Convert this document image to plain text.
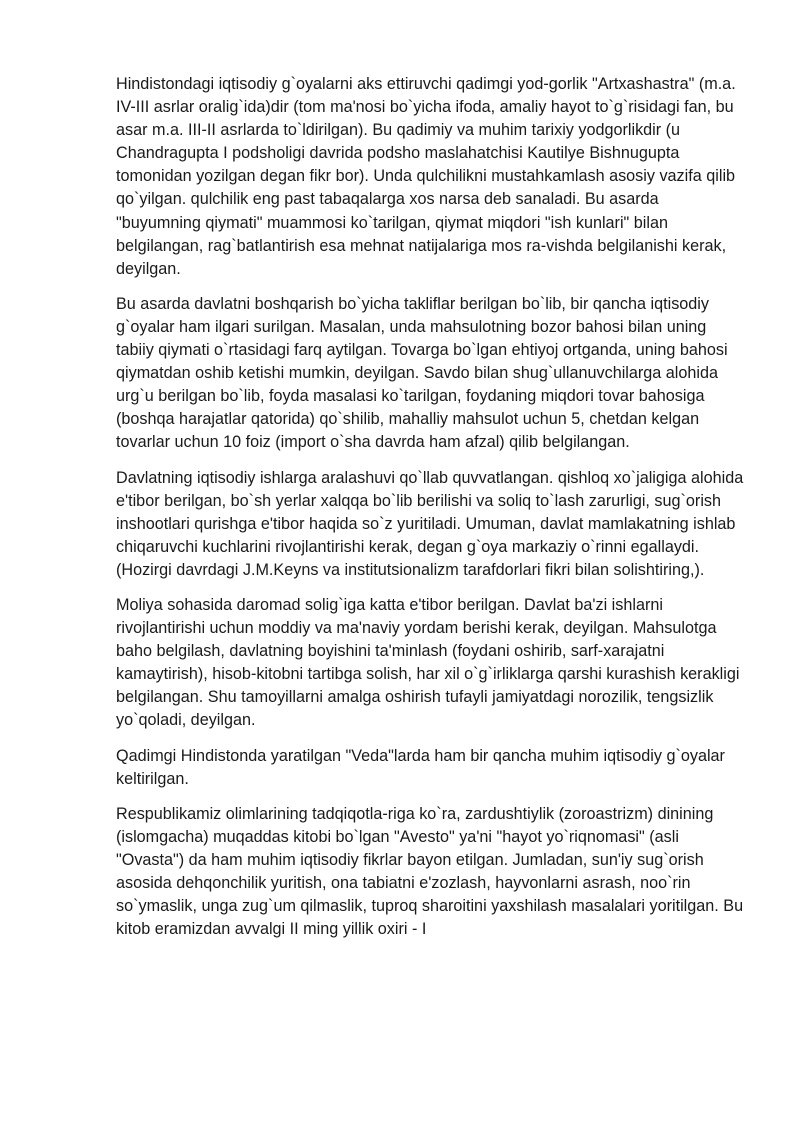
Hindistondagi iqtisodiy g`oyalarni aks ettiruvchi qadimgi yod-gorlik "Artxashastra" (m.a. IV-III asrlar oralig`ida)dir (tom ma'nosi bo`yicha ifoda, amaliy hayot to`g`risidagi fan, bu asar m.a. III-II asrlarda to`ldirilgan). Bu qadimiy va muhim tarixiy yodgorlikdir (u Chandragupta I podsholigi davrida podsho maslahatchisi Kautilye Bishnugupta tomonidan yozilgan degan fikr bor). Unda qulchilikni mustahkamlash asosiy vazifa qilib qo`yilgan. qulchilik eng past tabaqalarga xos narsa deb sanaladi. Bu asarda "buyumning qiymati" muammosi ko`tarilgan, qiymat miqdori "ish kunlari" bilan belgilangan, rag`batlantirish esa mehnat natijalariga mos ra-vishda belgilanishi kerak, deyilgan.

Bu asarda davlatni boshqarish bo`yicha takliflar berilgan bo`lib, bir qancha iqtisodiy g`oyalar ham ilgari surilgan. Masalan, unda mahsulotning bozor bahosi bilan uning tabiiy qiymati o`rtasidagi farq aytilgan. Tovarga bo`lgan ehtiyoj ortganda, uning bahosi qiymatdan oshib ketishi mumkin, deyilgan. Savdo bilan shug`ullanuvchilarga alohida urg`u berilgan bo`lib, foyda masalasi ko`tarilgan, foydaning miqdori tovar bahosiga (boshqa harajatlar qatorida) qo`shilib, mahalliy mahsulot uchun 5, chetdan kelgan tovarlar uchun 10 foiz (import o`sha davrda ham afzal) qilib belgilangan.

Davlatning iqtisodiy ishlarga aralashuvi qo`llab quvvatlangan. qishloq xo`jaligiga alohida e'tibor berilgan, bo`sh yerlar xalqqa bo`lib berilishi va soliq to`lash zarurligi, sug`orish inshootlari qurishga e'tibor haqida so`z yuritiladi. Umuman, davlat mamlakatning ishlab chiqaruvchi kuchlarini rivojlantirishi kerak, degan g`oya markaziy o`rinni egallaydi. (Hozirgi davrdagi J.M.Keyns va institutsionalizm tarafdorlari fikri bilan solishtiring,).

Moliya sohasida daromad solig`iga katta e'tibor berilgan. Davlat ba'zi ishlarni rivojlantirishi uchun moddiy va ma'naviy yordam berishi kerak, deyilgan. Mahsulotga baho belgilash, davlatning boyishini ta'minlash (foydani oshirib, sarf-xarajatni kamaytirish), hisob-kitobni tartibga solish, har xil o`g`irliklarga qarshi kurashish kerakligi belgilangan. Shu tamoyillarni amalga oshirish tufayli jamiyatdagi norozilik, tengsizlik yo`qoladi, deyilgan.

Qadimgi Hindistonda yaratilgan "Veda"larda ham bir qancha muhim iqtisodiy g`oyalar keltirilgan.

Respublikamiz olimlarining tadqiqotla-riga ko`ra, zardushtiylik (zoroastrizm) dinining (islomgacha) muqaddas kitobi bo`lgan "Avesto" ya'ni "hayot yo`riqnomasi" (asli "Ovasta") da ham muhim iqtisodiy fikrlar bayon etilgan. Jumladan, sun'iy sug`orish asosida dehqonchilik yuritish, ona tabiatni e'zozlash, hayvonlarni asrash, noo`rin so`ymaslik, unga zug`um qilmaslik, tuproq sharoitini yaxshilash masalalari yoritilgan. Bu kitob eramizdan avvalgi II ming yillik oxiri - I
